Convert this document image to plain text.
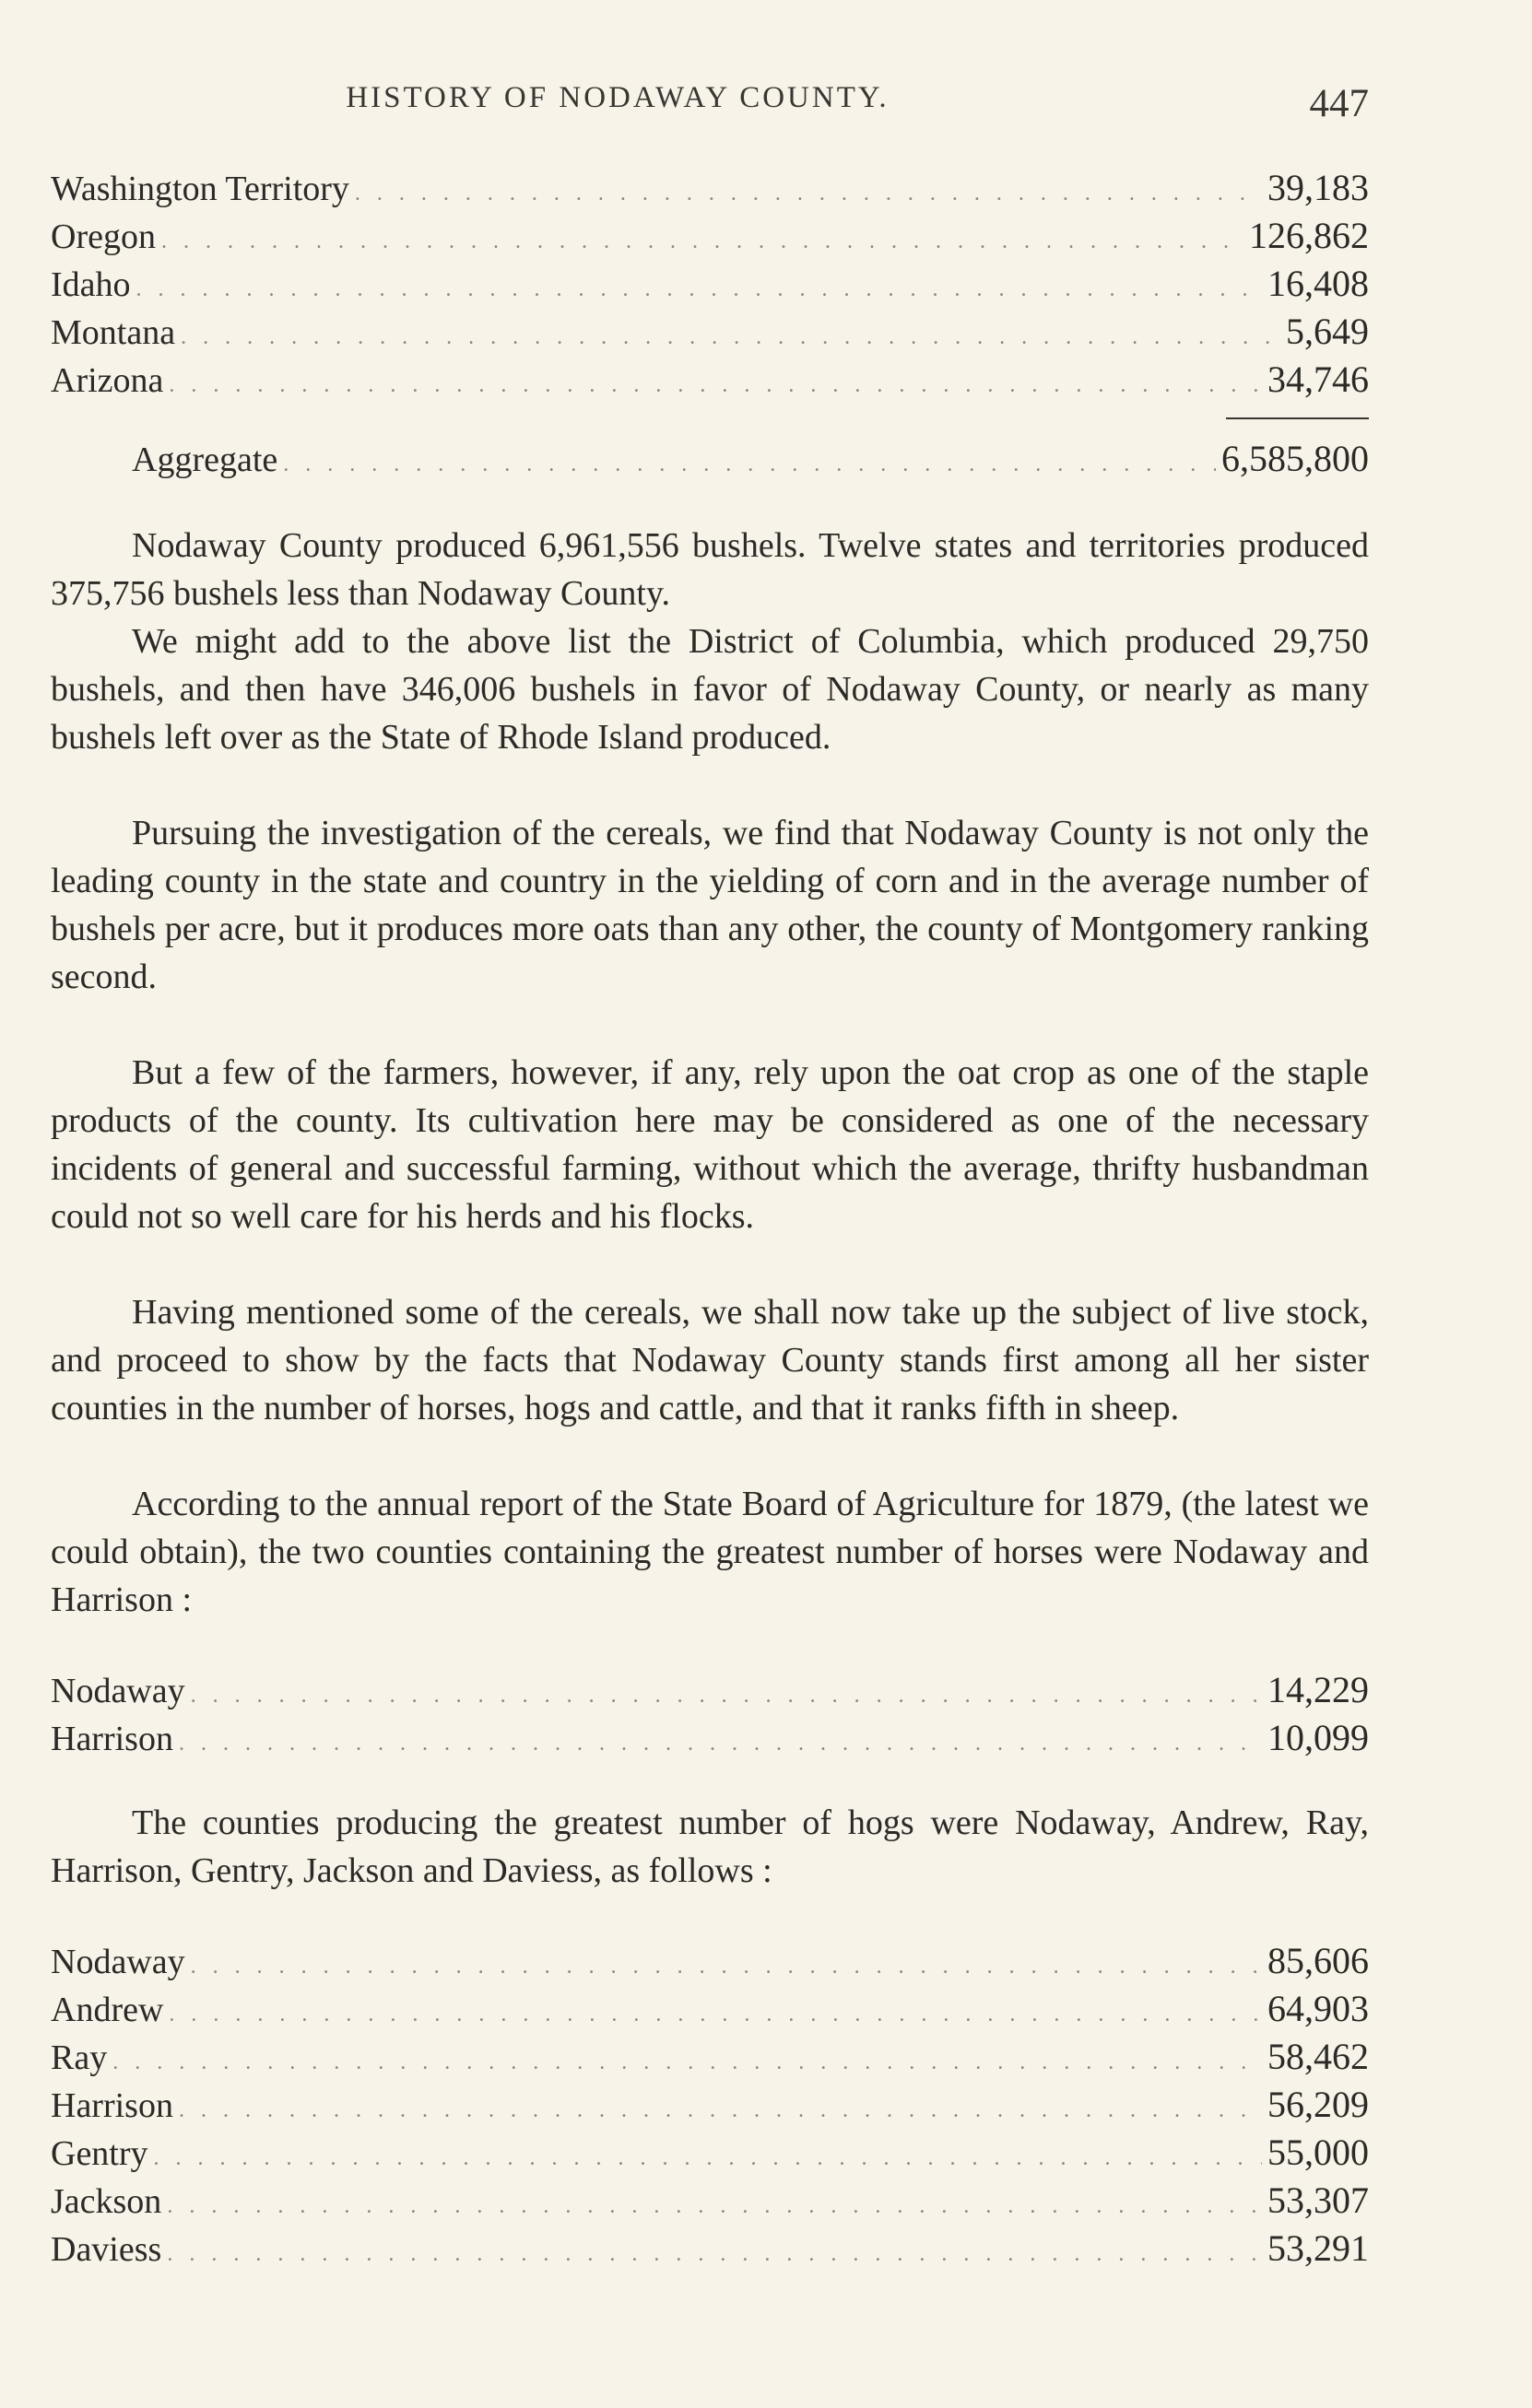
HISTORY OF NODAWAY COUNTY.	447
Washington Territory . . .	39,183
Oregon . . .	126,862
Idaho . . .	16,408
Montana . . .	5,649
Arizona . . .	34,746
Aggregate . . .	6,585,800

Nodaway County produced 6,961,556 bushels. Twelve states and territories produced 375,756 bushels less than Nodaway County.

We might add to the above list the District of Columbia, which produced 29,750 bushels, and then have 346,006 bushels in favor of Nodaway County, or nearly as many bushels left over as the State of Rhode Island produced.

Pursuing the investigation of the cereals, we find that Nodaway County is not only the leading county in the state and country in the yielding of corn and in the average number of bushels per acre, but it produces more oats than any other, the county of Montgomery ranking second.

But a few of the farmers, however, if any, rely upon the oat crop as one of the staple products of the county. Its cultivation here may be considered as one of the necessary incidents of general and successful farming, without which the average, thrifty husbandman could not so well care for his herds and his flocks.

Having mentioned some of the cereals, we shall now take up the subject of live stock, and proceed to show by the facts that Nodaway County stands first among all her sister counties in the number of horses, hogs and cattle, and that it ranks fifth in sheep.

According to the annual report of the State Board of Agriculture for 1879, (the latest we could obtain), the two counties containing the greatest number of horses were Nodaway and Harrison :

Nodaway . . .	14,229
Harrison . . .	10,099

The counties producing the greatest number of hogs were Nodaway, Andrew, Ray, Harrison, Gentry, Jackson and Daviess, as follows :

Nodaway . . .	85,606
Andrew . . .	64,903
Ray . . .	58,462
Harrison . . .	56,209
Gentry . . .	55,000
Jackson . . .	53,307
Daviess . . .	53,291
